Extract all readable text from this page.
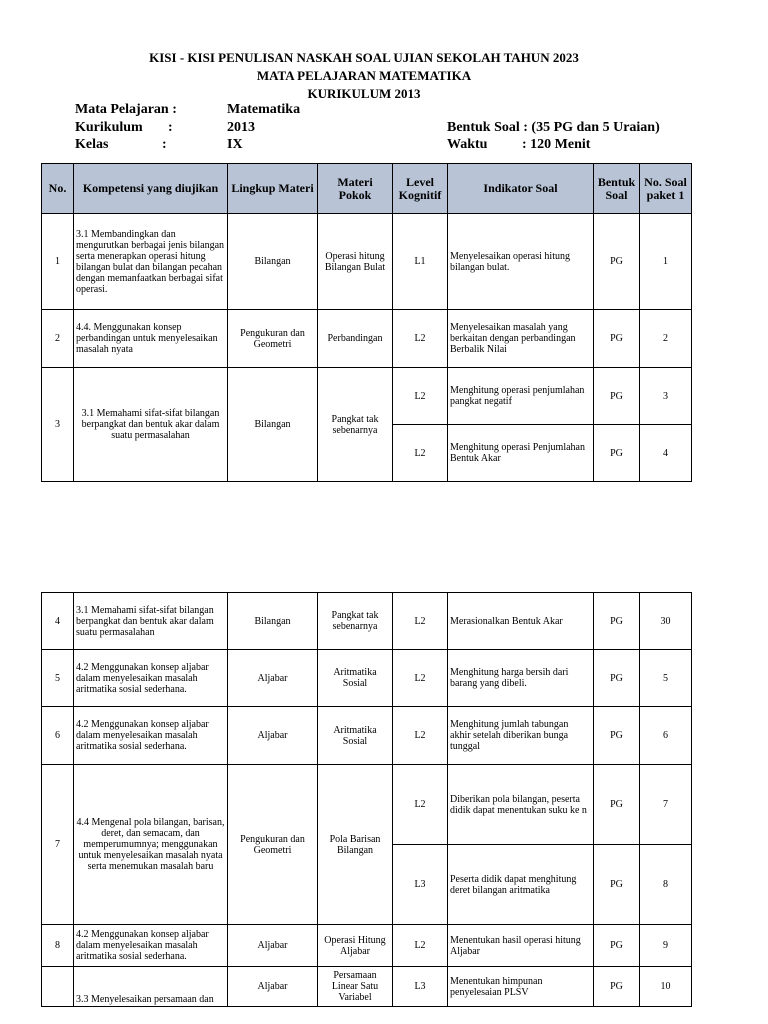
KISI - KISI PENULISAN NASKAH SOAL UJIAN SEKOLAH TAHUN 2023
MATA PELAJARAN MATEMATIKA
KURIKULUM 2013
Mata Pelajaran :	Matematika
Kurikulum :	2013
Kelas	:	IX
Bentuk Soal : (35 PG dan 5 Uraian)
Waktu : 120 Menit
No.	Kompetensi yang diujikan	Lingkup Materi	Materi Pokok	Level Kognitif	Indikator Soal	Bentuk Soal	No. Soal paket 1
1	3.1 Membandingkan dan mengurutkan berbagai jenis bilangan serta menerapkan operasi hitung bilangan bulat dan bilangan pecahan dengan memanfaatkan berbagai sifat operasi.	Bilangan	Operasi hitung Bilangan Bulat	L1	Menyelesaikan operasi hitung bilangan bulat.	PG	1
2	4.4. Menggunakan konsep perbandingan untuk menyelesaikan masalah nyata	Pengukuran dan Geometri	Perbandingan	L2	Menyelesaikan masalah yang berkaitan dengan perbandingan Berbalik Nilai	PG	2
3	3.1 Memahami sifat-sifat bilangan berpangkat dan bentuk akar dalam suatu permasalahan	Bilangan	Pangkat tak sebenarnya	L2	Menghitung operasi penjumlahan pangkat negatif	PG	3
				L2	Menghitung operasi Penjumlahan Bentuk Akar	PG	4
4	3.1 Memahami sifat-sifat bilangan berpangkat dan bentuk akar dalam suatu permasalahan	Bilangan	Pangkat tak sebenarnya	L2	Merasionalkan Bentuk Akar	PG	30
5	4.2 Menggunakan konsep aljabar dalam menyelesaikan masalah aritmatika sosial sederhana.	Aljabar	Aritmatika Sosial	L2	Menghitung harga bersih dari barang yang dibeli.	PG	5
6	4.2 Menggunakan konsep aljabar dalam menyelesaikan masalah aritmatika sosial sederhana.	Aljabar	Aritmatika Sosial	L2	Menghitung jumlah tabungan akhir setelah diberikan bunga tunggal	PG	6
7	4.4 Mengenal pola bilangan, barisan, deret, dan semacam, dan memperumumnya; menggunakan untuk menyelesaikan masalah nyata serta menemukan masalah baru	Pengukuran dan Geometri	Pola Barisan Bilangan	L2	Diberikan pola bilangan, peserta didik dapat menentukan suku ke n	PG	7
				L3	Peserta didik dapat menghitung deret bilangan aritmatika	PG	8
8	4.2 Menggunakan konsep aljabar dalam menyelesaikan masalah aritmatika sosial sederhana.	Aljabar	Operasi Hitung Aljabar	L2	Menentukan hasil operasi hitung Aljabar	PG	9
	3.3 Menyelesaikan persamaan dan	Aljabar	Persamaan Linear Satu Variabel	L3	Menentukan himpunan penyelesaian PLSV	PG	10
